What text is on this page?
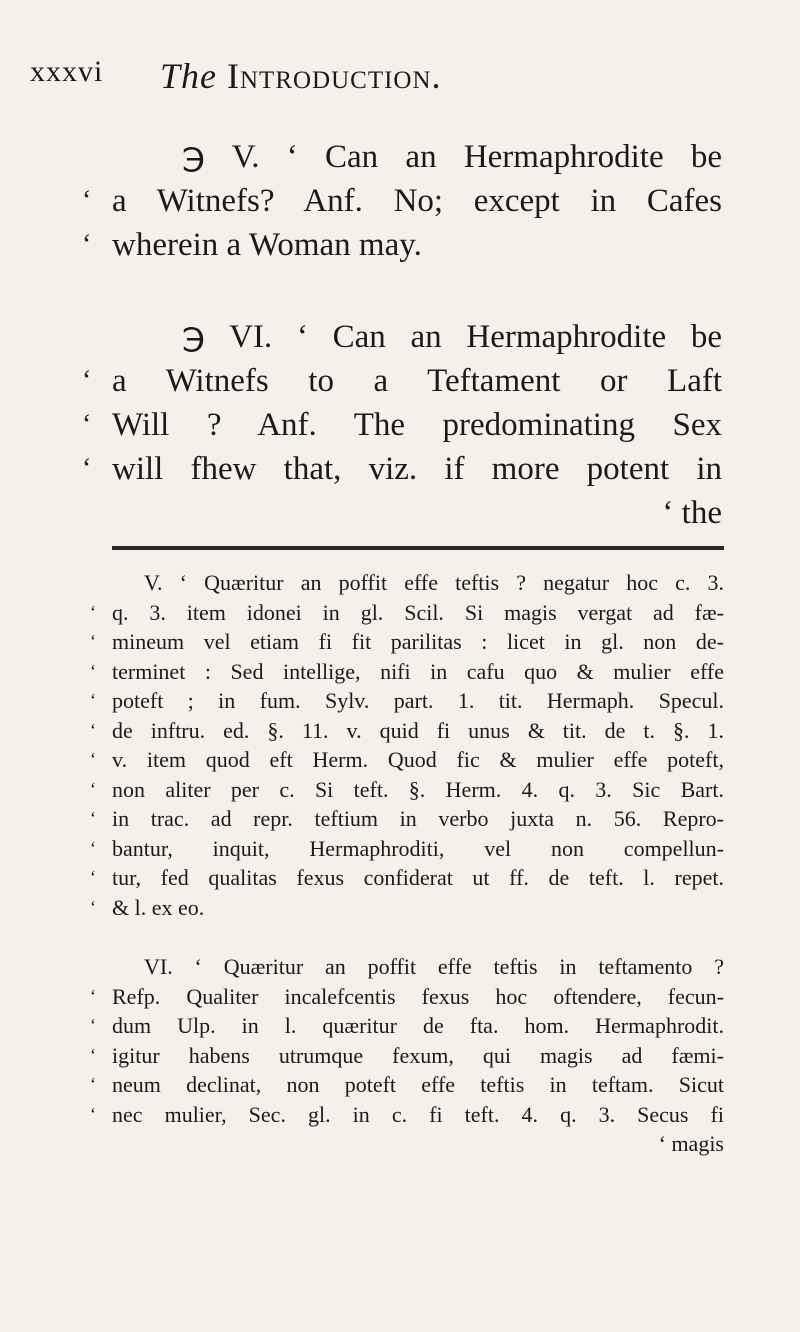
xxxvi The Introduction.
℈ V. ‘ Can an Hermaphrodite be
‘ a Witnefs? Anf. No; except in Cafes
‘ wherein a Woman may.
℈ VI. ‘ Can an Hermaphrodite be
‘ a Witnefs to a Teftament or Laft
‘ Will ? Anf. The predominating Sex
‘ will fhew that, viz. if more potent in
‘ the
V. ‘ Quæritur an poffit effe teftis ? negatur hoc c. 3.
‘ q. 3. item idonei in gl. Scil. Si magis vergat ad fæ-
‘ mineum vel etiam fi fit parilitas : licet in gl. non de-
‘ terminet : Sed intellige, nifi in cafu quo & mulier effe
‘ poteft ; in fum. Sylv. part. 1. tit. Hermaph. Specul.
‘ de inftru. ed. §. 11. v. quid fi unus & tit. de t. §. 1.
‘ v. item quod eft Herm. Quod fic & mulier effe poteft,
‘ non aliter per c. Si teft. §. Herm. 4. q. 3. Sic Bart.
‘ in trac. ad repr. teftium in verbo juxta n. 56. Repro-
‘ bantur, inquit, Hermaphroditi, vel non compellun-
‘ tur, fed qualitas fexus confiderat ut ff. de teft. l. repet.
‘ & l. ex eo.
VI. ‘ Quæritur an poffit effe teftis in teftamento ?
‘ Refp. Qualiter incalefcentis fexus hoc oftendere, fecun-
‘ dum Ulp. in l. quæritur de fta. hom. Hermaphrodit.
‘ igitur habens utrumque fexum, qui magis ad fæmi-
‘ neum declinat, non poteft effe teftis in teftam. Sicut
‘ nec mulier, Sec. gl. in c. fi teft. 4. q. 3. Secus fi
‘ magis
